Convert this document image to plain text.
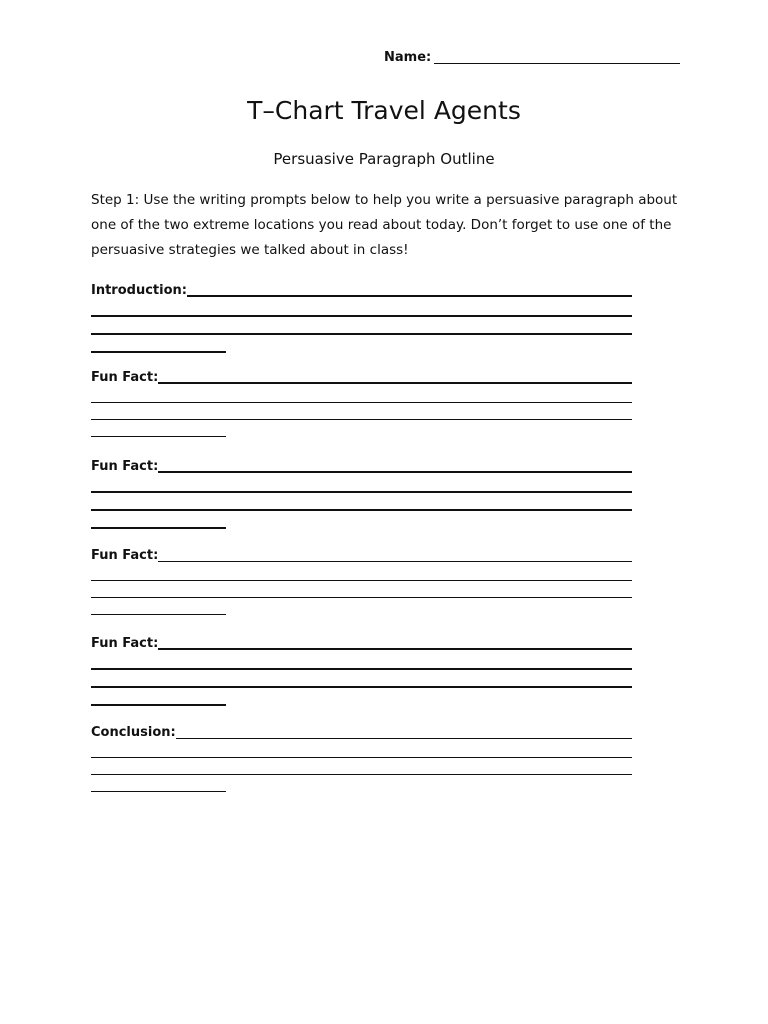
Name:
T–Chart Travel Agents
Persuasive Paragraph Outline
Step 1: Use the writing prompts below to help you write a persuasive paragraph about one of the two extreme locations you read about today. Don’t forget to use one of the persuasive strategies we talked about in class!
Introduction:
Fun Fact:
Fun Fact:
Fun Fact:
Fun Fact:
Conclusion:
